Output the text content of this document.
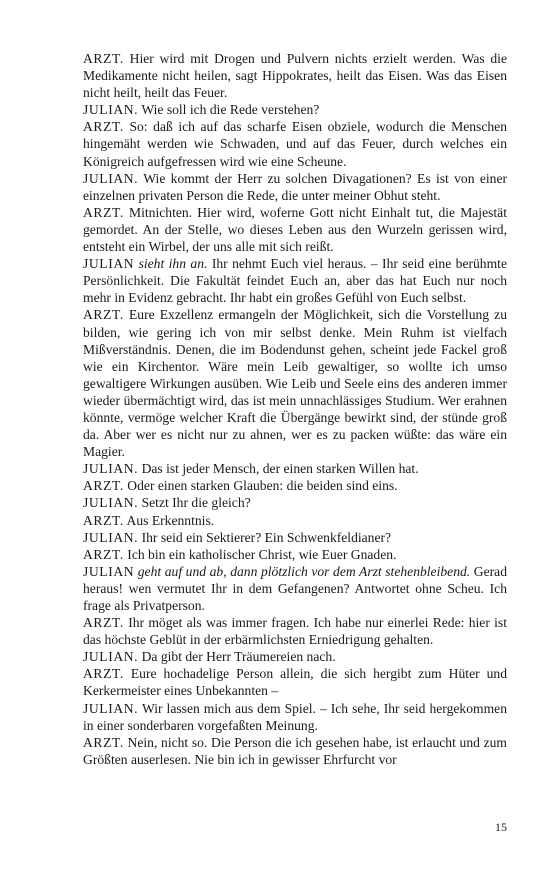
ARZT. Hier wird mit Drogen und Pulvern nichts erzielt werden. Was die Medikamente nicht heilen, sagt Hippokrates, heilt das Eisen. Was das Eisen nicht heilt, heilt das Feuer.

JULIAN. Wie soll ich die Rede verstehen?

ARZT. So: daß ich auf das scharfe Eisen obziele, wodurch die Menschen hingemäht werden wie Schwaden, und auf das Feuer, durch welches ein Königreich aufgefressen wird wie eine Scheune.

JULIAN. Wie kommt der Herr zu solchen Divagationen? Es ist von einer einzelnen privaten Person die Rede, die unter meiner Obhut steht.

ARZT. Mitnichten. Hier wird, woferne Gott nicht Einhalt tut, die Majestät gemordet. An der Stelle, wo dieses Leben aus den Wurzeln gerissen wird, entsteht ein Wirbel, der uns alle mit sich reißt.

JULIAN sieht ihn an. Ihr nehmt Euch viel heraus. – Ihr seid eine berühmte Persönlichkeit. Die Fakultät feindet Euch an, aber das hat Euch nur noch mehr in Evidenz gebracht. Ihr habt ein großes Gefühl von Euch selbst.

ARZT. Eure Exzellenz ermangeln der Möglichkeit, sich die Vorstellung zu bilden, wie gering ich von mir selbst denke. Mein Ruhm ist vielfach Mißverständnis. Denen, die im Bodendunst gehen, scheint jede Fackel groß wie ein Kirchentor. Wäre mein Leib gewaltiger, so wollte ich umso gewaltigere Wirkungen ausüben. Wie Leib und Seele eins des anderen immer wieder übermächtigt wird, das ist mein unnachlässiges Studium. Wer erahnen könnte, vermöge welcher Kraft die Übergänge bewirkt sind, der stünde groß da. Aber wer es nicht nur zu ahnen, wer es zu packen wüßte: das wäre ein Magier.

JULIAN. Das ist jeder Mensch, der einen starken Willen hat.

ARZT. Oder einen starken Glauben: die beiden sind eins.

JULIAN. Setzt Ihr die gleich?

ARZT. Aus Erkenntnis.

JULIAN. Ihr seid ein Sektierer? Ein Schwenkfeldianer?

ARZT. Ich bin ein katholischer Christ, wie Euer Gnaden.

JULIAN geht auf und ab, dann plötzlich vor dem Arzt stehenbleibend. Gerad heraus! wen vermutet Ihr in dem Gefangenen? Antwortet ohne Scheu. Ich frage als Privatperson.

ARZT. Ihr möget als was immer fragen. Ich habe nur einerlei Rede: hier ist das höchste Geblüt in der erbärmlichsten Erniedrigung gehalten.

JULIAN. Da gibt der Herr Träumereien nach.

ARZT. Eure hochadelige Person allein, die sich hergibt zum Hüter und Kerkermeister eines Unbekannten –

JULIAN. Wir lassen mich aus dem Spiel. – Ich sehe, Ihr seid hergekommen in einer sonderbaren vorgefaßten Meinung.

ARZT. Nein, nicht so. Die Person die ich gesehen habe, ist erlaucht und zum Größten auserlesen. Nie bin ich in gewisser Ehrfurcht vor

15
